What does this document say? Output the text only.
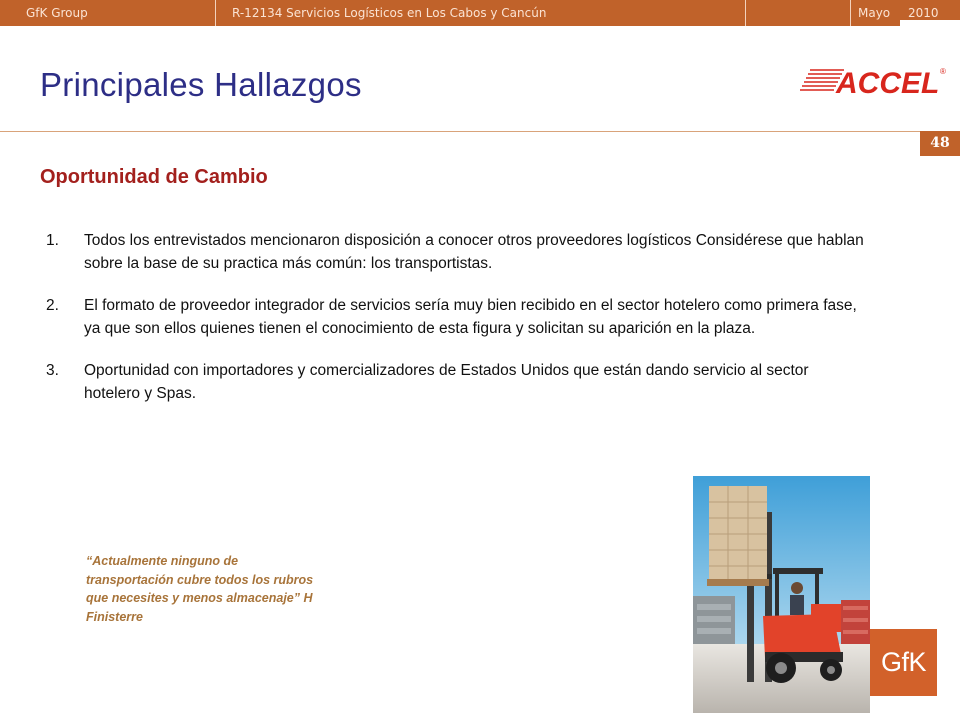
GfK Group	R-12134 Servicios Logísticos en Los Cabos y Cancún	Mayo 2010
Principales Hallazgos	ACCEL ®
48
Oportunidad de Cambio
1.	Todos los entrevistados mencionaron disposición a conocer otros proveedores logísticos Considérese que hablan sobre la base de su practica más común: los transportistas.
2.	El formato de proveedor integrador de servicios sería muy bien recibido en el sector hotelero como primera fase, ya que son ellos quienes tienen el conocimiento de esta figura y solicitan su aparición en la plaza.
3.	Oportunidad con importadores y comercializadores de Estados Unidos que están dando servicio al sector hotelero y Spas.
“Actualmente ninguno de transportación cubre todos los rubros que necesites y menos almacenaje” H Finisterre
GfK
